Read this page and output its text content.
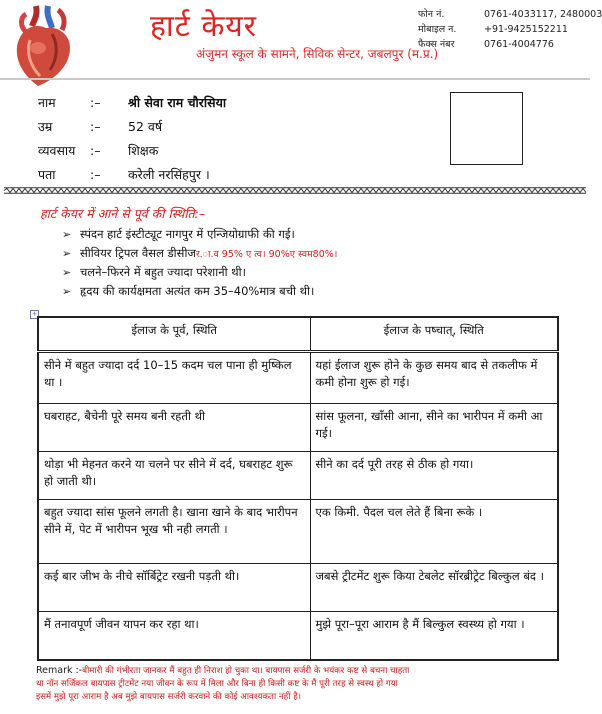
हार्ट केयर
अंजुमन स्कूल के सामने, सिविक सेन्टर, जबलपुर (म.प्र.)
फोन नं.	0761-4033117, 2480003
मोबाइल न.	+91-9425152211
फैक्स नंबर	0761-4004776
नाम	:–	श्री सेवा राम चौरसिया
उम्र	:–	52 वर्ष
व्यवसाय	:–	शिक्षक
पता	:–	करेली नरसिंहपुर ।
हार्ट केयर में आने से पूर्व की स्थिति:–
➢ स्पंदन हार्ट इंस्टीट्यूट नागपुर में एन्जियोग्राफी की गई।
➢ सीवियर ट्रिपल वैसल डीसीज र.ा.व 95% ए त्व। 90%ए स्वम80%।
➢ चलने–फिरने में बहुत ज्यादा परेशानी थी।
➢ हृदय की कार्यक्षमता अत्यंत कम 35–40%मात्र बची थी।
+
ईलाज के पूर्व, स्थिति	ईलाज के पष्चात्, स्थिति
सीने में बहुत ज्यादा दर्द 10–15 कदम चल पाना ही मुष्किल था ।	यहां ईलाज शुरू होने के कुछ समय बाद से तकलीफ में कमी होना शुरू हो गई।
घबराहट, बैचेनी पूरे समय बनी रहती थी	सांस फूलना, खाँसी आना, सीने का भारीपन में कमी आ गई।
थोड़ा भी मेहनत करने या चलने पर सीने में दर्द, घबराहट शुरू हो जाती थी।	सीने का दर्द पूरी तरह से ठीक हो गया।
बहुत ज्यादा सांस फूलने लगती है। खाना खाने के बाद भारीपन सीने में, पेट में भारीपन भूख भी नही लगती ।	एक किमी. पैदल चल लेते हैं बिना रूके ।
कई बार जीभ के नीचे सॉर्बिट्रेट रखनी पड़ती थी।	जबसे ट्रीटमेंट शुरू किया टेबलेट सॉरब्रीट्रेट बिल्कुल बंद ।
मैं तनावपूर्ण जीवन यापन कर रहा था।	मुझे पूरा–पूरा आराम है मैं बिल्कुल स्वस्थ्य हो गया ।
Remark :-बीमारी की गंभीरता जानकर मैं बहुत ही निराश हो चुका था। बायपास सर्जरी के भयंकर कष्ट से बचना चाहता
था नॉन सर्जिकल बायपास ट्रीटमेंट नया जीवन के रूप में मिला और बिना ही किसी कष्ट के मैं पूरी तरह से स्वस्थ हो गया
इसमें मुझे पूरा आराम है अब मुझे बायपास सर्जरी करवाने की कोई आवश्यकता नहीं है।
